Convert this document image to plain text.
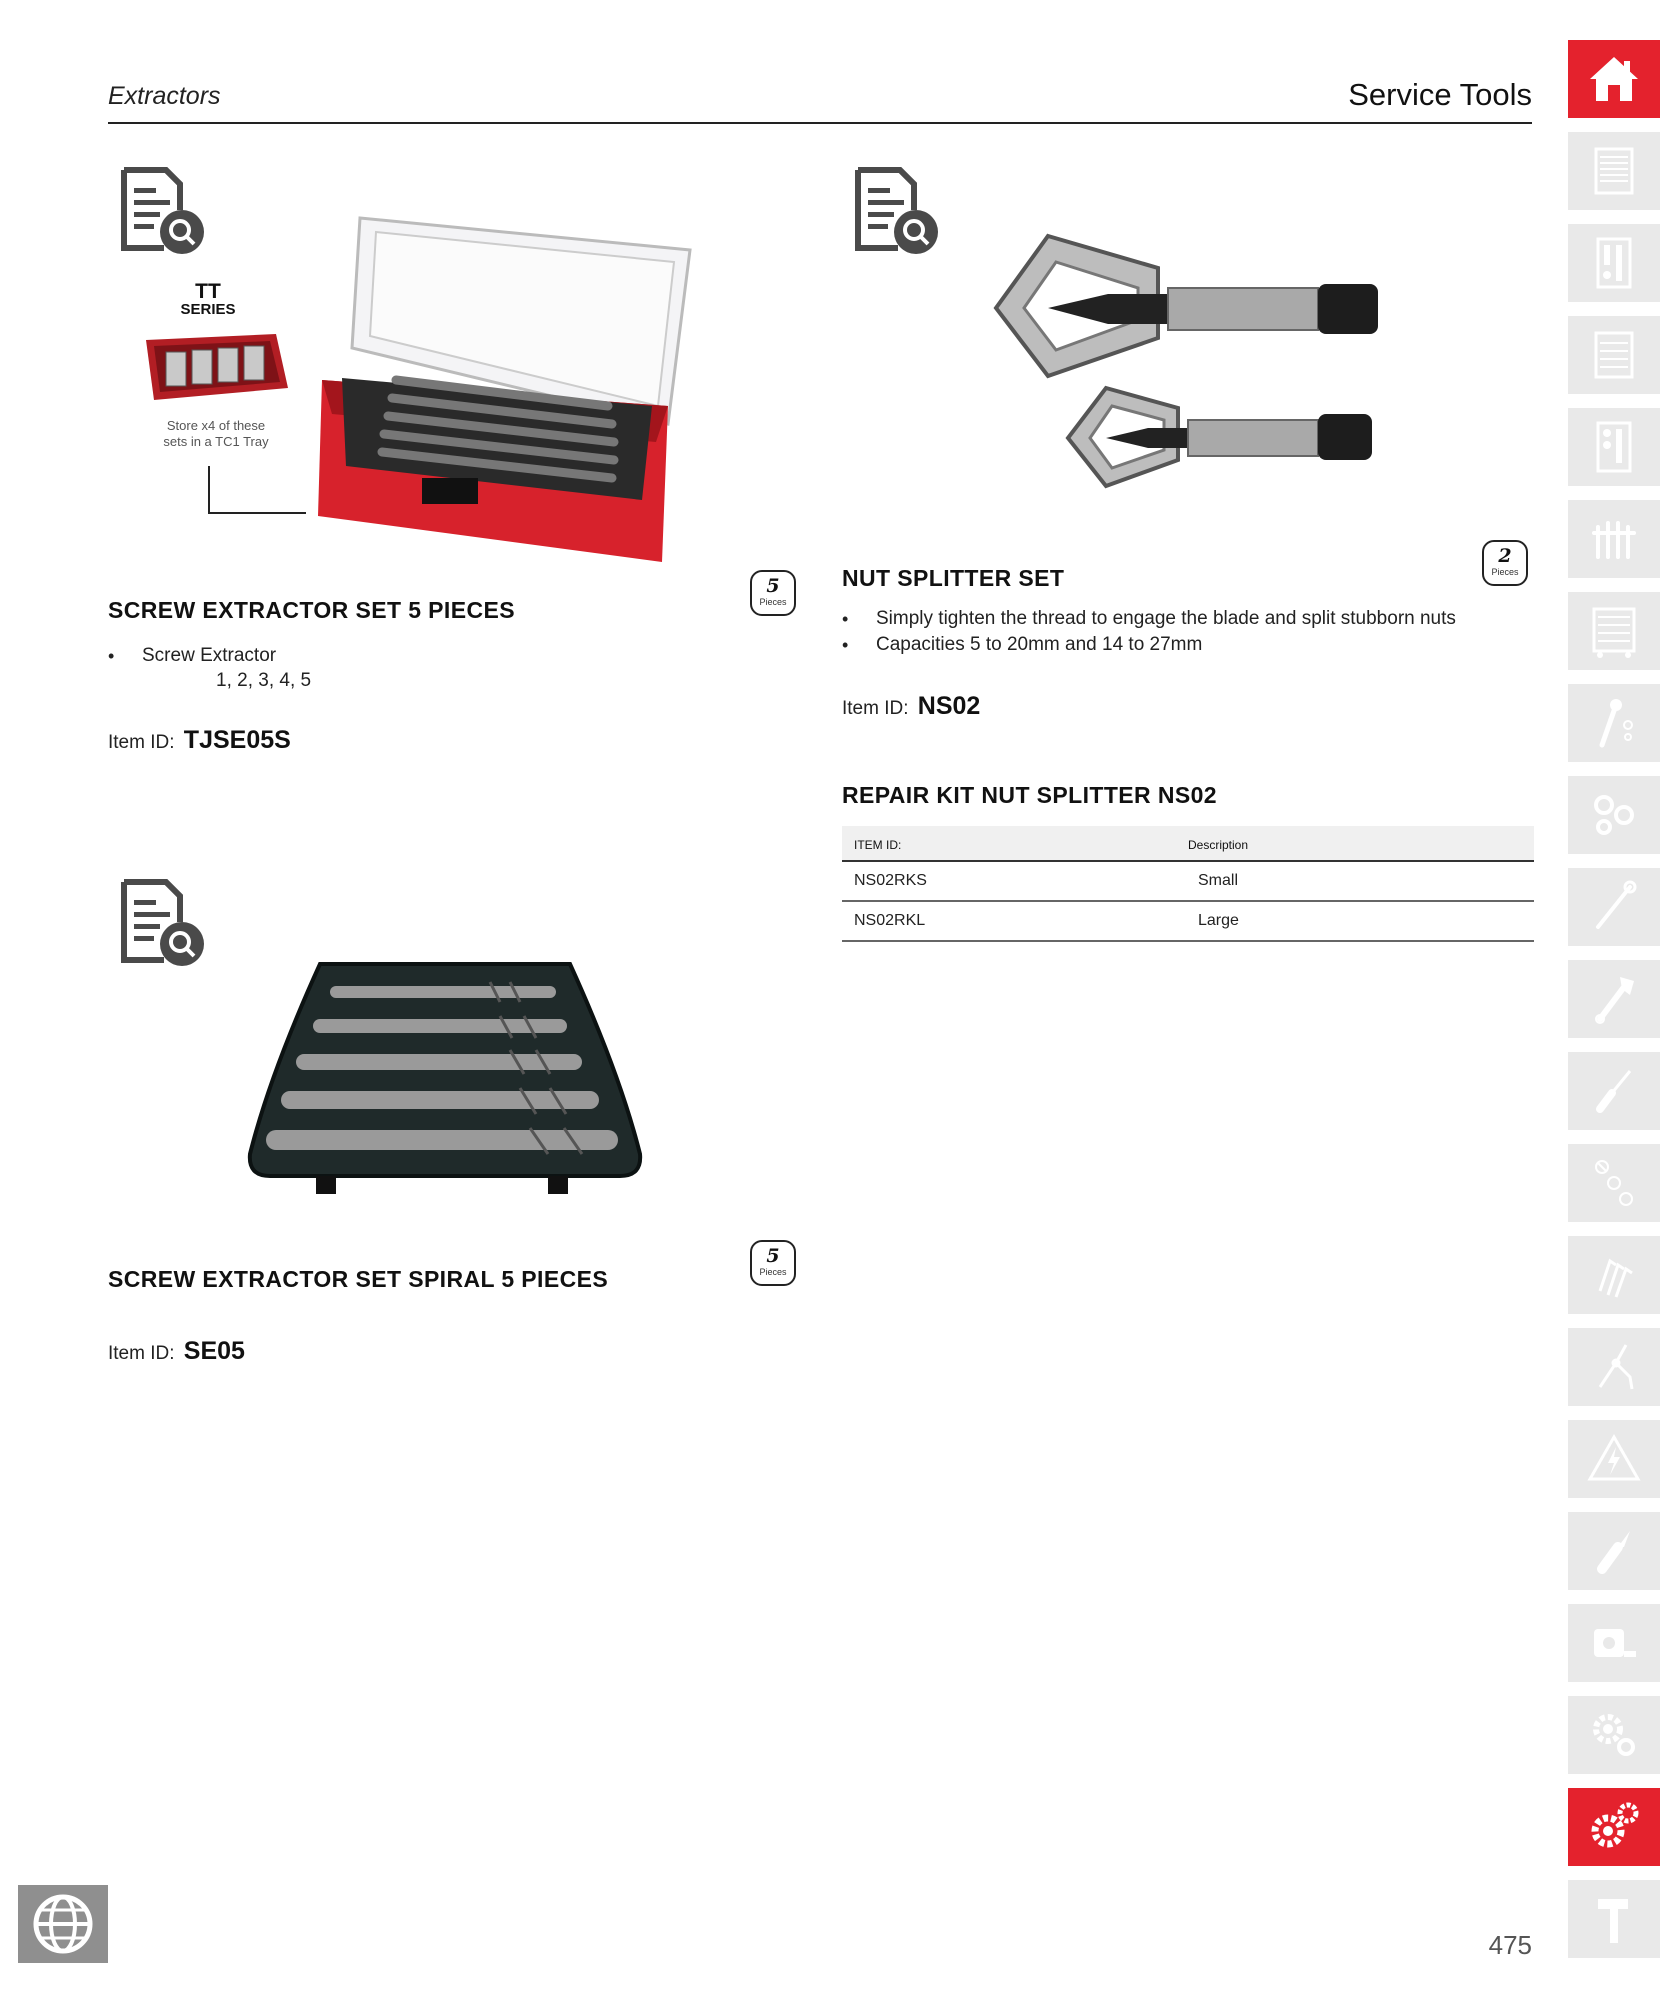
Extractors	Service Tools
TT
SERIES
Store x4 of these
sets in a TC1 Tray
5
Pieces
SCREW EXTRACTOR SET 5 PIECES
• Screw Extractor
1, 2, 3, 4, 5
Item ID: TJSE05S
2
Pieces
NUT SPLITTER SET
• Simply tighten the thread to engage the blade and split stubborn nuts
• Capacities 5 to 20mm and 14 to 27mm
Item ID: NS02
REPAIR KIT NUT SPLITTER NS02
ITEM ID:	Description
NS02RKS	Small
NS02RKL	Large
5
Pieces
SCREW EXTRACTOR SET SPIRAL 5 PIECES
Item ID: SE05
475
